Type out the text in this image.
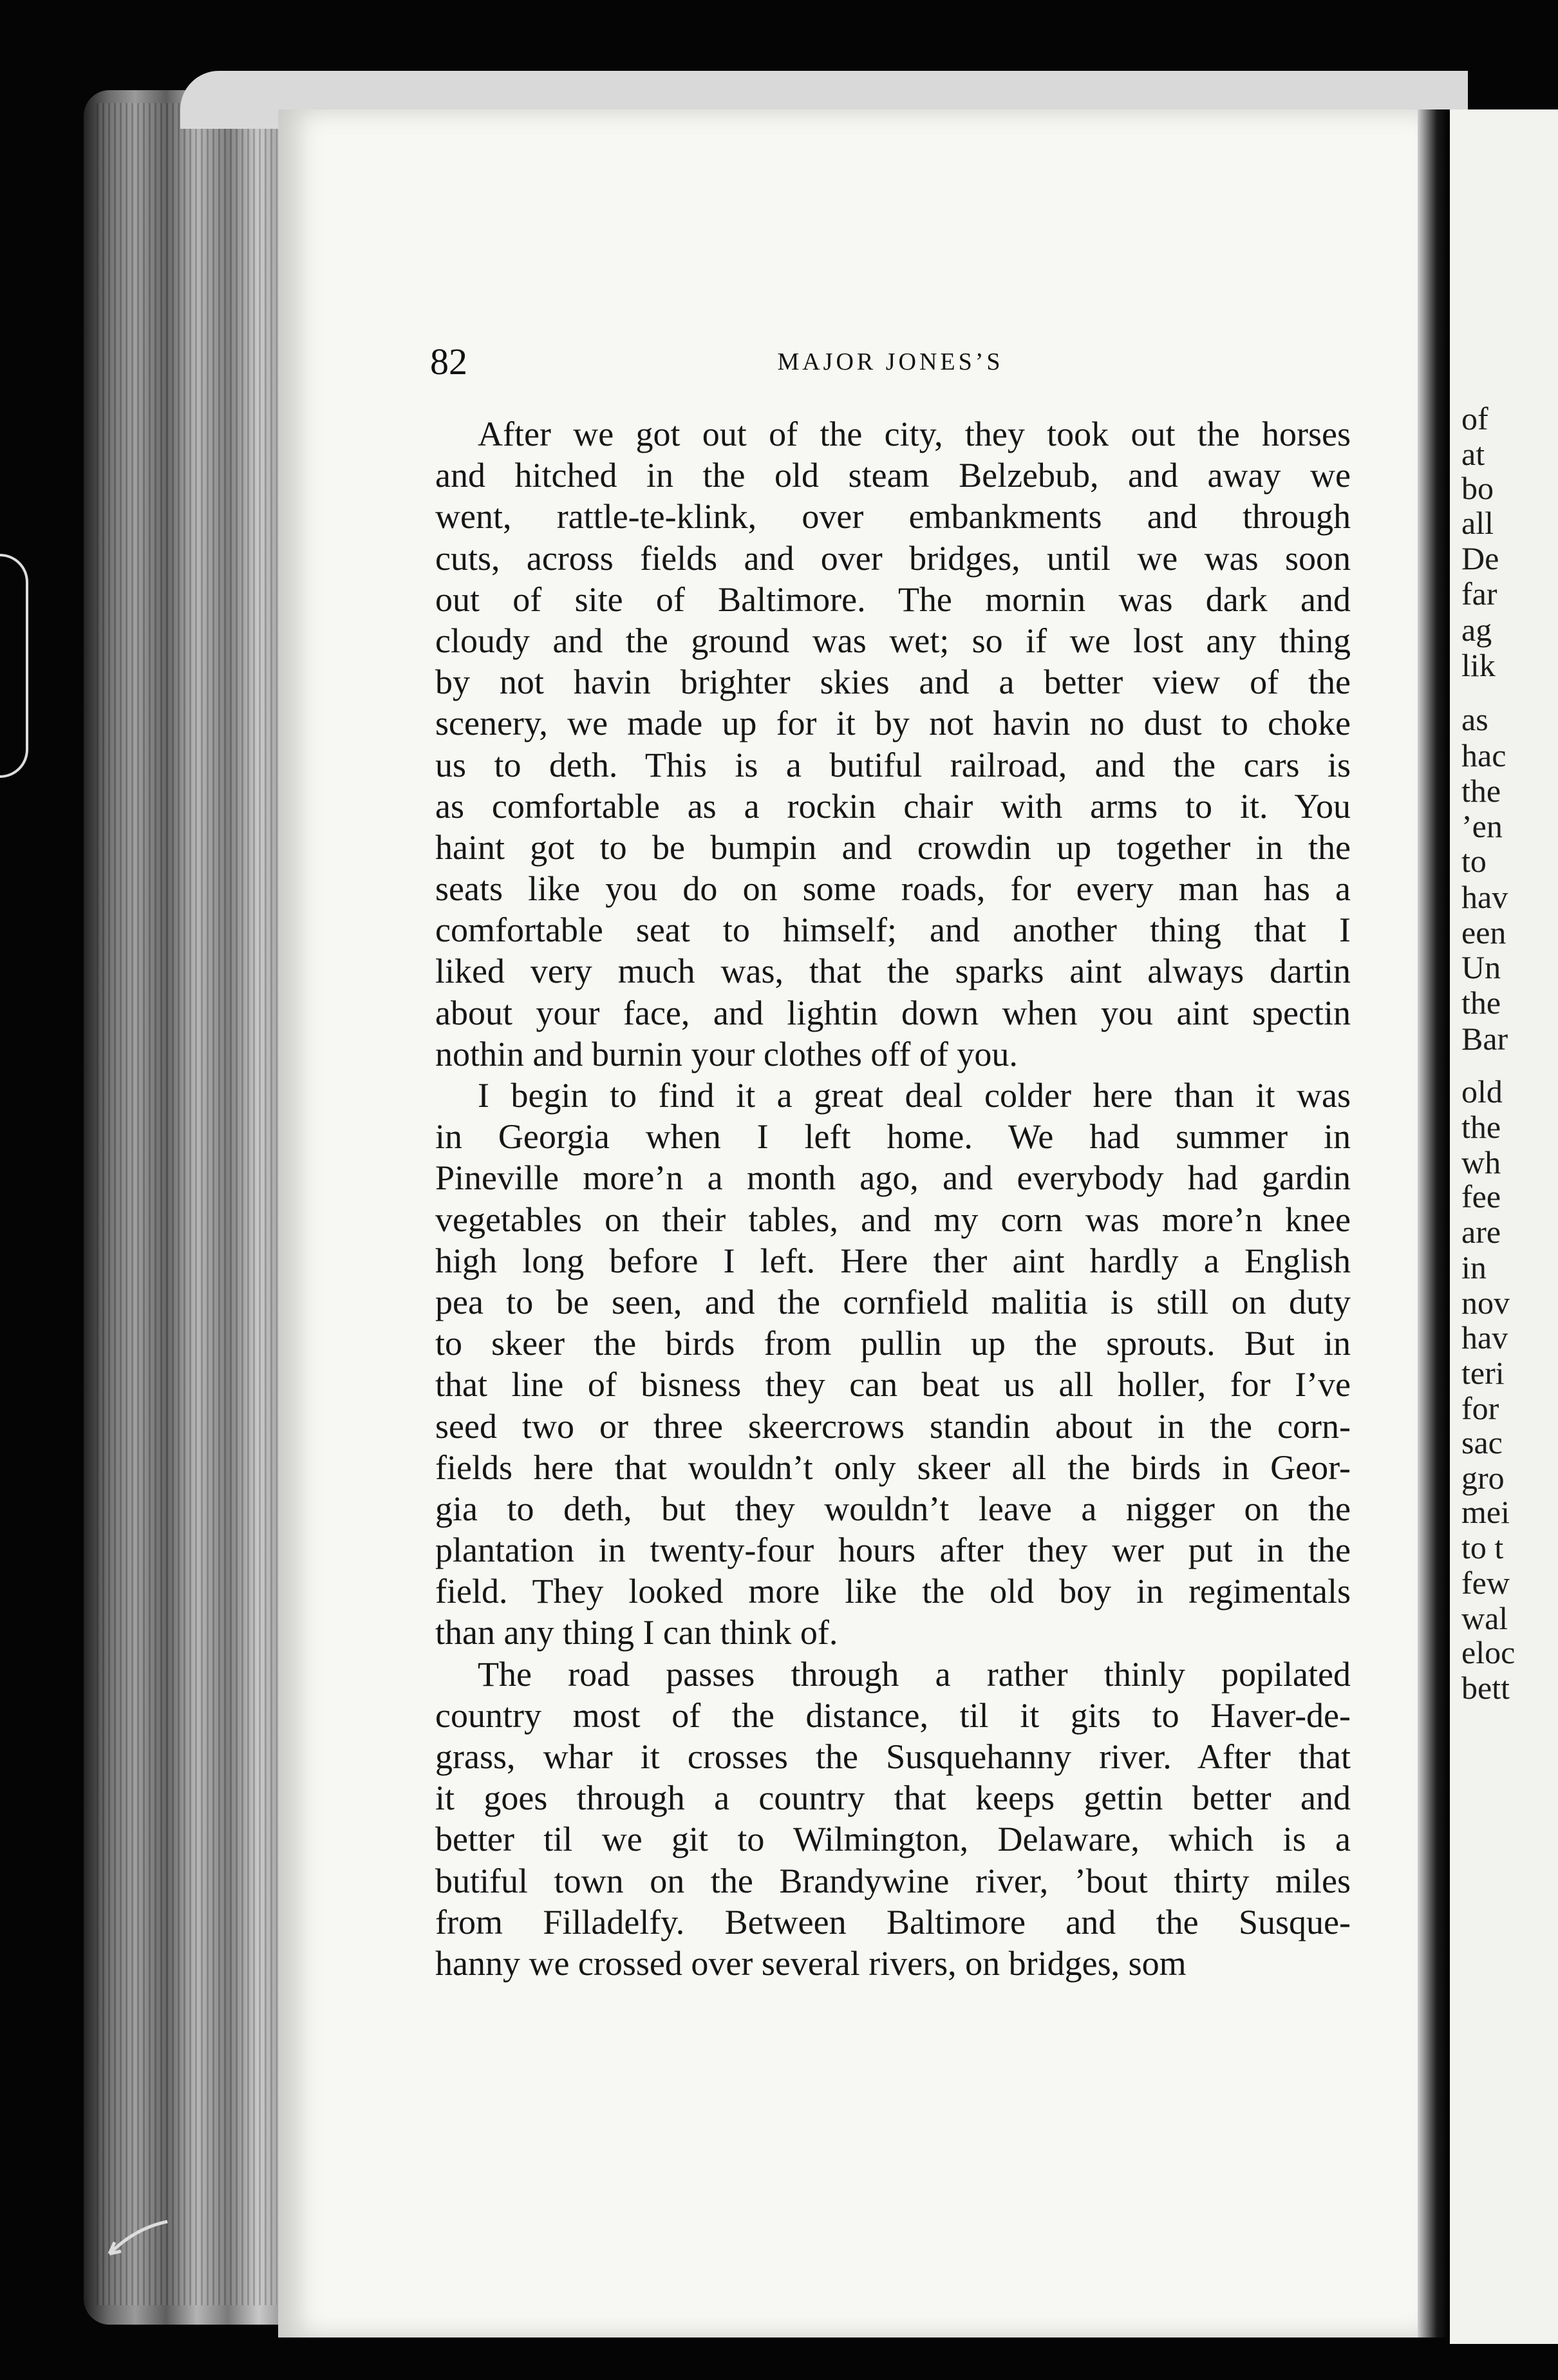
of
at
bo
all
De
far
ag
lik
as
hac
the
’en
to
hav
een
Un
the
Bar
old
the
wh
fee
are
in
nov
hav
teri
for
sac
gro
mei
to t
few
wal
eloc
bett
82	MAJOR JONES’S
After we got out of the city, they took out the horses
and hitched in the old steam Belzebub, and away we
went, rattle-te-klink, over embankments and through
cuts, across fields and over bridges, until we was soon
out of site of Baltimore. The mornin was dark and
cloudy and the ground was wet; so if we lost any thing
by not havin brighter skies and a better view of the
scenery, we made up for it by not havin no dust to choke
us to deth. This is a butiful railroad, and the cars is
as comfortable as a rockin chair with arms to it. You
haint got to be bumpin and crowdin up together in the
seats like you do on some roads, for every man has a
comfortable seat to himself; and another thing that I
liked very much was, that the sparks aint always dartin
about your face, and lightin down when you aint spectin
nothin and burnin your clothes off of you.
I begin to find it a great deal colder here than it was
in Georgia when I left home. We had summer in
Pineville more’n a month ago, and everybody had gardin
vegetables on their tables, and my corn was more’n knee
high long before I left. Here ther aint hardly a English
pea to be seen, and the cornfield malitia is still on duty
to skeer the birds from pullin up the sprouts. But in
that line of bisness they can beat us all holler, for I’ve
seed two or three skeercrows standin about in the corn-
fields here that wouldn’t only skeer all the birds in Geor-
gia to deth, but they wouldn’t leave a nigger on the
plantation in twenty-four hours after they wer put in the
field. They looked more like the old boy in regimentals
than any thing I can think of.
The road passes through a rather thinly popilated
country most of the distance, til it gits to Haver-de-
grass, whar it crosses the Susquehanny river. After that
it goes through a country that keeps gettin better and
better til we git to Wilmington, Delaware, which is a
butiful town on the Brandywine river, ’bout thirty miles
from Filladelfy. Between Baltimore and the Susque-
hanny we crossed over several rivers, on bridges, som
